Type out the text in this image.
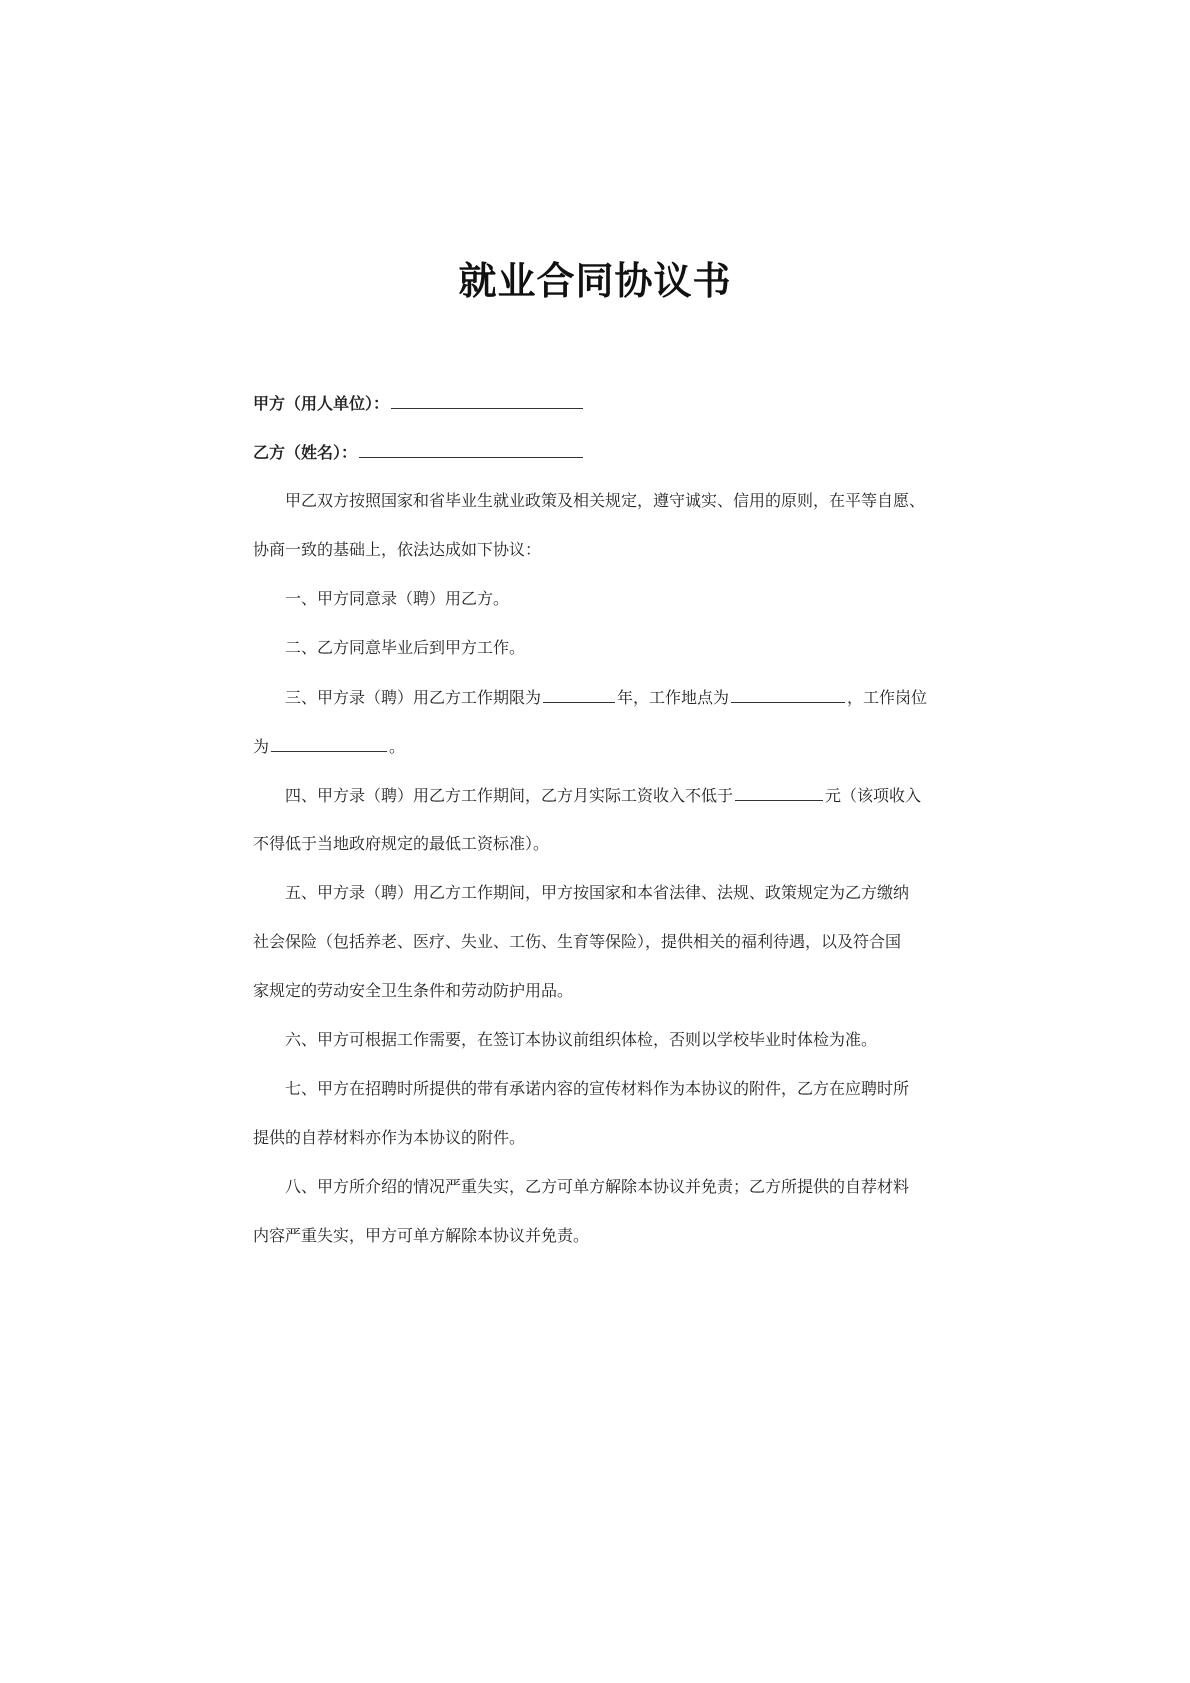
就业合同协议书
甲方（用人单位）：
乙方（姓名）：
甲乙双方按照国家和省毕业生就业政策及相关规定，遵守诚实、信用的原则，在平等自愿、
协商一致的基础上，依法达成如下协议：
一、甲方同意录（聘）用乙方。
二、乙方同意毕业后到甲方工作。
三、甲方录（聘）用乙方工作期限为	年，工作地点为	，工作岗位
为	。
四、甲方录（聘）用乙方工作期间，乙方月实际工资收入不低于	元（该项收入
不得低于当地政府规定的最低工资标准）。
五、甲方录（聘）用乙方工作期间，甲方按国家和本省法律、法规、政策规定为乙方缴纳
社会保险（包括养老、医疗、失业、工伤、生育等保险），提供相关的福利待遇，以及符合国
家规定的劳动安全卫生条件和劳动防护用品。
六、甲方可根据工作需要，在签订本协议前组织体检，否则以学校毕业时体检为准。
七、甲方在招聘时所提供的带有承诺内容的宣传材料作为本协议的附件，乙方在应聘时所
提供的自荐材料亦作为本协议的附件。
八、甲方所介绍的情况严重失实，乙方可单方解除本协议并免责；乙方所提供的自荐材料
内容严重失实，甲方可单方解除本协议并免责。
